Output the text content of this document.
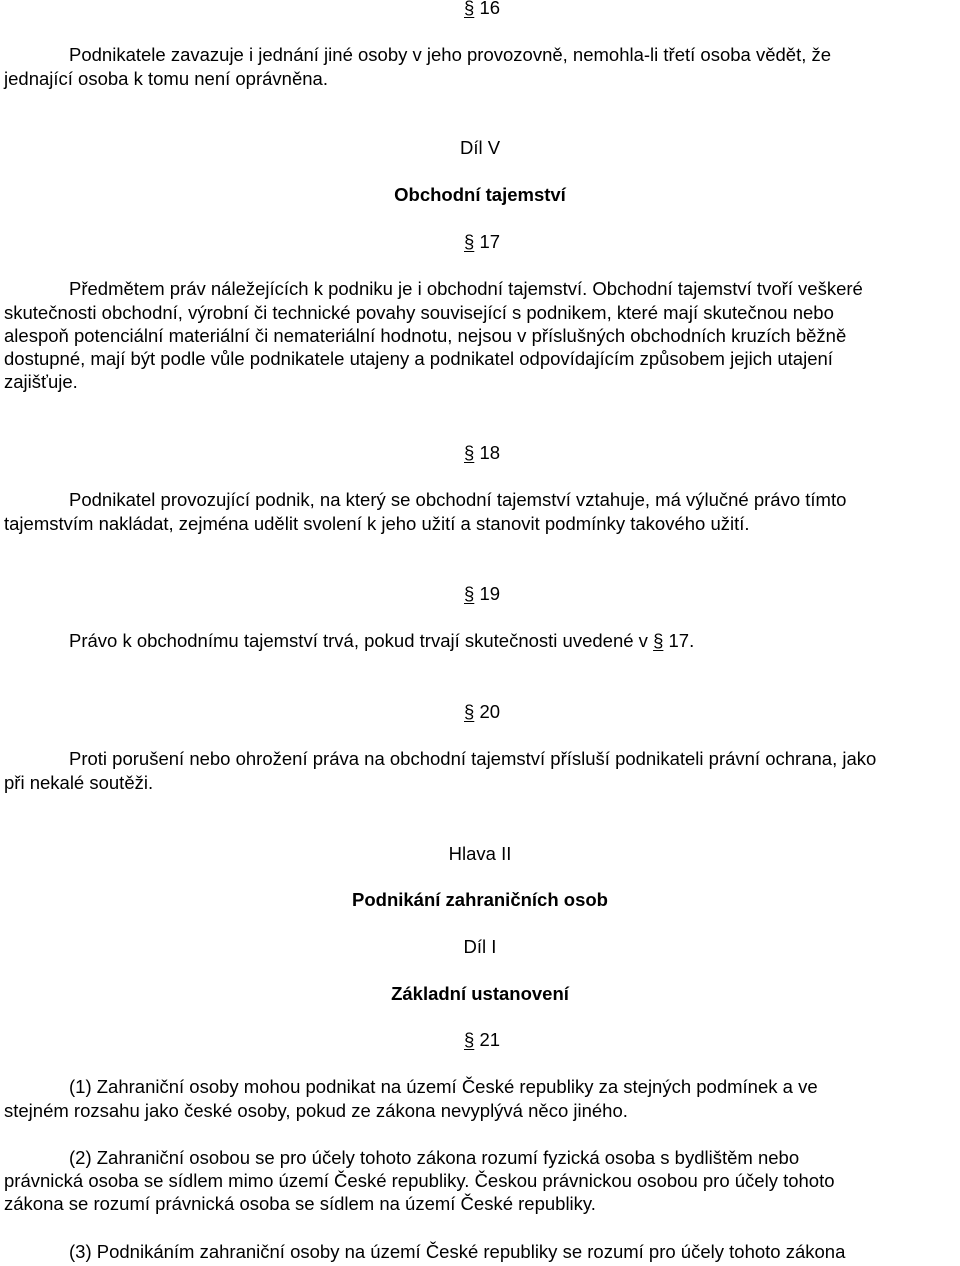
§ 16
Podnikatele zavazuje i jednání jiné osoby v jeho provozovně, nemohla-li třetí osoba vědět, že
jednající osoba k tomu není oprávněna.
Díl V
Obchodní tajemství
§ 17
Předmětem práv náležejících k podniku je i obchodní tajemství. Obchodní tajemství tvoří veškeré
skutečnosti obchodní, výrobní či technické povahy související s podnikem, které mají skutečnou nebo
alespoň potenciální materiální či nemateriální hodnotu, nejsou v příslušných obchodních kruzích běžně
dostupné, mají být podle vůle podnikatele utajeny a podnikatel odpovídajícím způsobem jejich utajení
zajišťuje.
§ 18
Podnikatel provozující podnik, na který se obchodní tajemství vztahuje, má výlučné právo tímto
tajemstvím nakládat, zejména udělit svolení k jeho užití a stanovit podmínky takového užití.
§ 19
Právo k obchodnímu tajemství trvá, pokud trvají skutečnosti uvedené v § 17.
§ 20
Proti porušení nebo ohrožení práva na obchodní tajemství přísluší podnikateli právní ochrana, jako
při nekalé soutěži.
Hlava II
Podnikání zahraničních osob
Díl I
Základní ustanovení
§ 21
(1) Zahraniční osoby mohou podnikat na území České republiky za stejných podmínek a ve
stejném rozsahu jako české osoby, pokud ze zákona nevyplývá něco jiného.
(2) Zahraniční osobou se pro účely tohoto zákona rozumí fyzická osoba s bydlištěm nebo
právnická osoba se sídlem mimo území České republiky. Českou právnickou osobou pro účely tohoto
zákona se rozumí právnická osoba se sídlem na území České republiky.
(3) Podnikáním zahraniční osoby na území České republiky se rozumí pro účely tohoto zákona
